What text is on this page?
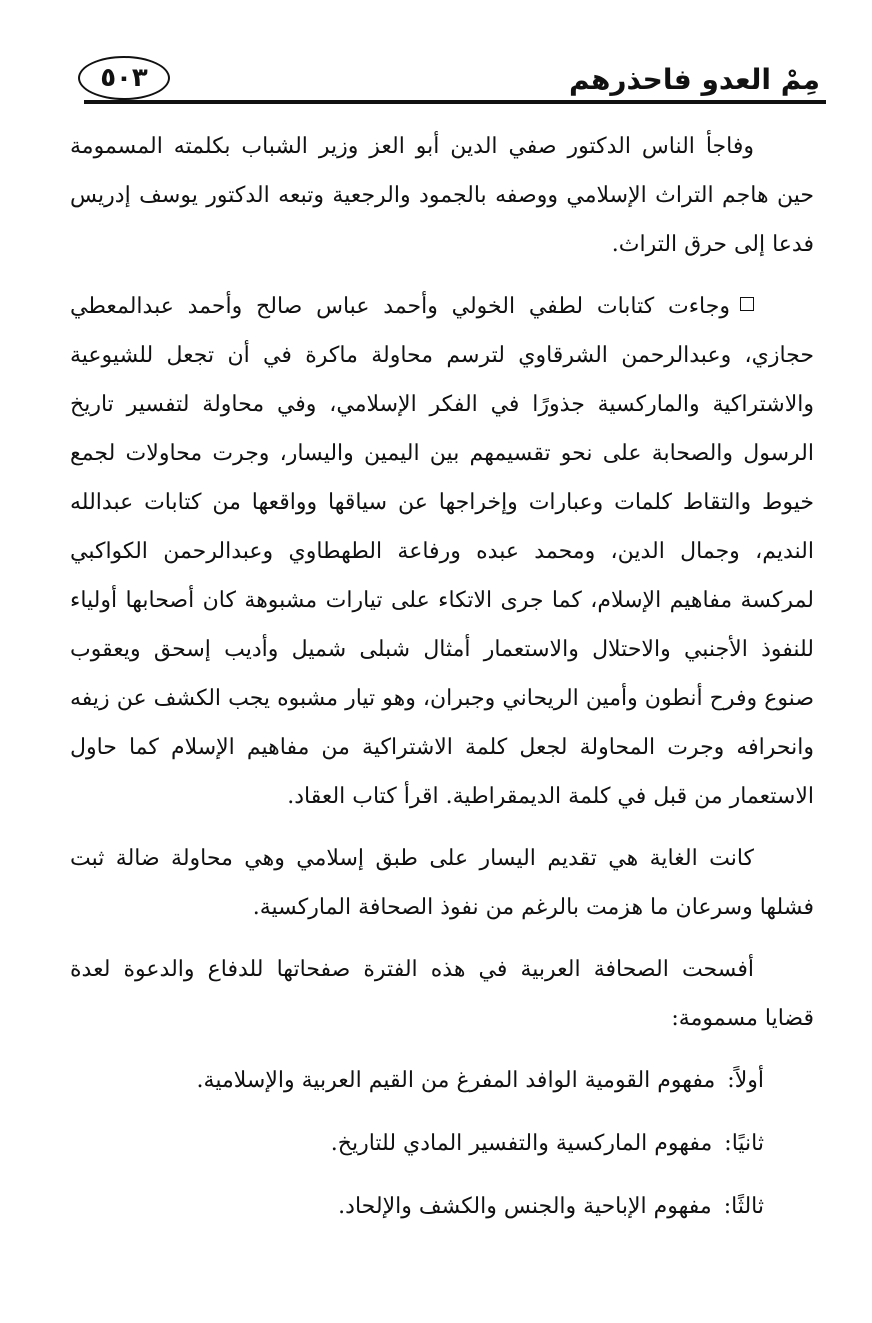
مِمْ العدو فاحذرهم
٥٠٣

وفاجأ الناس الدكتور صفي الدين أبو العز وزير الشباب بكلمته المسمومة حين هاجم التراث الإسلامي ووصفه بالجمود والرجعية وتبعه الدكتور يوسف إدريس فدعا إلى حرق التراث.

وجاءت كتابات لطفي الخولي وأحمد عباس صالح وأحمد عبدالمعطي حجازي، وعبدالرحمن الشرقاوي لترسم محاولة ماكرة في أن تجعل للشيوعية والاشتراكية والماركسية جذورًا في الفكر الإسلامي، وفي محاولة لتفسير تاريخ الرسول والصحابة على نحو تقسيمهم بين اليمين واليسار، وجرت محاولات لجمع خيوط والتقاط كلمات وعبارات وإخراجها عن سياقها وواقعها من كتابات عبدالله النديم، وجمال الدين، ومحمد عبده ورفاعة الطهطاوي وعبدالرحمن الكواكبي لمركسة مفاهيم الإسلام، كما جرى الاتكاء على تيارات مشبوهة كان أصحابها أولياء للنفوذ الأجنبي والاحتلال والاستعمار أمثال شبلى شميل وأديب إسحق ويعقوب صنوع وفرح أنطون وأمين الريحاني وجبران، وهو تيار مشبوه يجب الكشف عن زيفه وانحرافه وجرت المحاولة لجعل كلمة الاشتراكية من مفاهيم الإسلام كما حاول الاستعمار من قبل في كلمة الديمقراطية. اقرأ كتاب العقاد.

كانت الغاية هي تقديم اليسار على طبق إسلامي وهي محاولة ضالة ثبت فشلها وسرعان ما هزمت بالرغم من نفوذ الصحافة الماركسية.

أفسحت الصحافة العربية في هذه الفترة صفحاتها للدفاع والدعوة لعدة قضايا مسمومة:

أولاً:مفهوم القومية الوافد المفرغ من القيم العربية والإسلامية.

ثانيًا:مفهوم الماركسية والتفسير المادي للتاريخ.

ثالثًا:مفهوم الإباحية والجنس والكشف والإلحاد.
